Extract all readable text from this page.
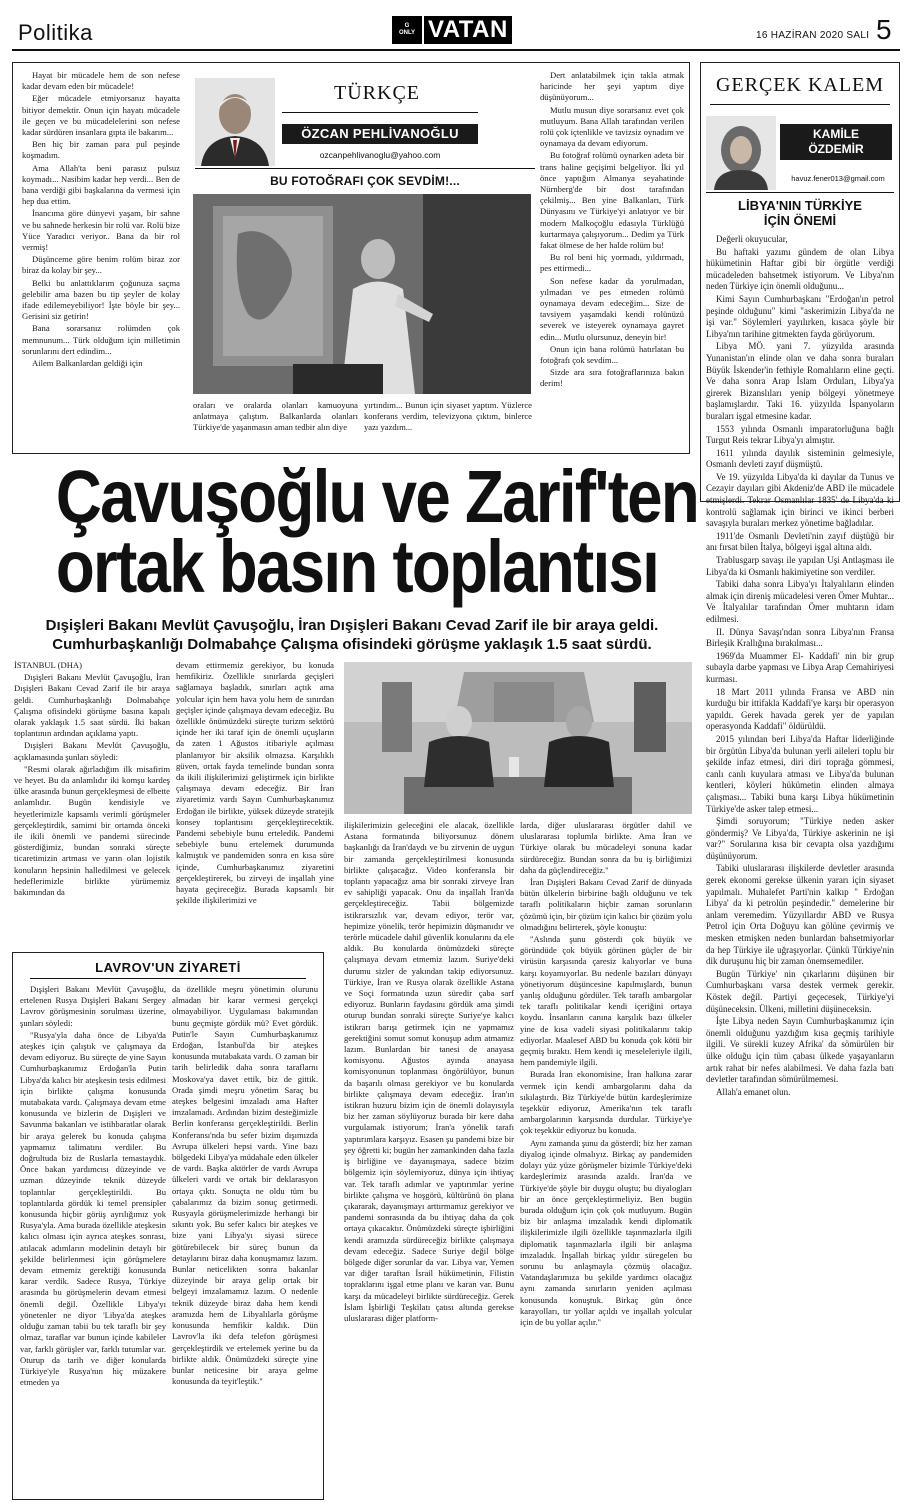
Politika	G
ONLY VATAN	16 HAZİRAN 2020 SALI 5

Hayat bir mücadele hem de son nefese kadar devam eden bir mücadele!

Eğer mücadele etmiyorsanız hayatta bitiyor demektir. Onun için hayatı mücadele ile geçen ve bu mücadelelerini son nefese kadar sürdüren insanlara gıpta ile bakarım...

Ben hiç bir zaman para pul peşinde koşmadım.

Ama Allah'ta beni parasız pulsuz koymadı... Nasibim kadar hep verdi... Ben de bana verdiği gibi başkalarına da vermesi için hep dua ettim.

İnancıma göre dünyevi yaşam, bir sahne ve bu sahnede herkesin bir rolü var. Rolü bize Yüce Yaradıcı veriyor.. Bana da bir rol vermiş!

Düşünceme göre benim rolüm biraz zor biraz da kolay bir şey...

Belki bu anlattıklarım çoğunuza saçma gelebilir ama bazen bu tip şeyler de kolay ifade edilemeyebiliyor! İşte böyle bir şey... Gerisini siz getirin!

Bana sorarsanız rolümden çok memnunum... Türk olduğum için milletimin sorunlarını dert edindim...

Ailem Balkanlardan geldiği için

TÜRKÇE
ÖZCAN PEHLİVANOĞLU
ozcanpehlivanoglu@yahoo.com
BU FOTOĞRAFI ÇOK SEVDİM!...

oraları ve oralarda olanları kamuoyuna anlatmaya çalıştım. Balkanlarda olanları Türkiye'de yaşanmasın aman tedbir alın diye

yırtındım... Bunun için siyaset yaptım. Yüzlerce konferans verdim, televizyona çıktım, binlerce yazı yazdım...

Dert anlatabilmek için takla atmak haricinde her şeyi yaptım diye düşünüyorum...

Mutlu musun diye sorarsanız evet çok mutluyum. Bana Allah tarafından verilen rolü çok içtenlikle ve tavizsiz oynadım ve oynamaya da devam ediyorum.

Bu fotoğraf rolümü oynarken adeta bir trans haline geçişimi belgeliyor. İki yıl önce yaptığım Almanya seyahatinde Nürnberg'de bir dost tarafından çekilmiş... Ben yine Balkanları, Türk Dünyasını ve Türkiye'yi anlatıyor ve bir modern Malkoçoğlu edasıyla Türklüğü kurtarmaya çalışıyorum... Dedim ya Türk fakat ölmese de her halde rolüm bu!

Bu rol beni hiç yormadı, yıldırmadı, pes ettirmedi...

Son nefese kadar da yorulmadan, yılmadan ve pes etmeden rolümü oynamaya devam edeceğim... Size de tavsiyem yaşamdaki kendi rolünüzü severek ve isteyerek oynamaya gayret edin... Mutlu olursunuz, deneyin bir!

Onun için bana rolümü hatırlatan bu fotoğrafı çok sevdim...

Sizde ara sıra fotoğraflarınıza bakın derim!

Çavuşoğlu ve Zarif'ten
ortak basın toplantısı
Dışişleri Bakanı Mevlüt Çavuşoğlu, İran Dışişleri Bakanı Cevad Zarif ile bir araya geldi.
Cumhurbaşkanlığı Dolmabahçe Çalışma ofisindeki görüşme yaklaşık 1.5 saat sürdü.

İSTANBUL (DHA)

Dışişleri Bakanı Mevlüt Çavuşoğlu, İran Dışişleri Bakanı Cevad Zarif ile bir araya geldi. Cumhurbaşkanlığı Dolmabahçe Çalışma ofisindeki görüşme basına kapalı olarak yaklaşık 1.5 saat sürdü. İki bakan toplantının ardından açıklama yaptı.

Dışişleri Bakanı Mevlüt Çavuşoğlu, açıklamasında şunları söyledi:

"Resmi olarak ağırladığım ilk misafirim ve heyet. Bu da anlamlıdır iki komşu kardeş ülke arasında bunun gerçekleşmesi de elbette anlamlıdır. Bugün kendisiyle ve heyetlerimizle kapsamlı verimli görüşmeler gerçekleştirdik, samimi bir ortamda önceki ile ikili önemli ve pandemi sürecinde gösterdiğimiz, bundan sonraki süreçte ticaretimizin artması ve yarın olan lojistik konuların hepsinin halledilmesi ve gelecek hedeflerimizle birlikte yürümemiz bakımından da

devam ettirmemiz gerekiyor, bu konuda hemfikiriz. Özellikle sınırlarda geçişleri sağlamaya başladık, sınırları açtık ama yolcular için hem hava yolu hem de sınırdan geçişler içinde çalışmaya devam edeceğiz. Bu özellikle önümüzdeki süreçte turizm sektörü içinde her iki taraf için de önemli uçuşların da zaten 1 Ağustos itibariyle açılması planlanıyor bir aksilik olmazsa. Karşılıklı güven, ortak fayda temelinde bundan sonra da ikili ilişkilerimizi geliştirmek için birlikte çalışmaya devam edeceğiz. Bir İran ziyaretimiz vardı Sayın Cumhurbaşkanımız Erdoğan ile birlikte, yüksek düzeyde stratejik konsey toplantısını gerçekleştirecektik. Pandemi sebebiyle bunu erteledik. Pandemi sebebiyle bunu ertelemek durumunda kalmıştık ve pandemiden sonra en kısa süre içinde, Cumhurbaşkanımız ziyaretini gerçekleştirerek, bu zirveyi de inşallah yine hayata geçireceğiz. Burada kapsamlı bir şekilde ilişkilerimizi ve

ilişkilerimizin geleceğini ele alacak, özellikle Astana formatında biliyorsunuz dönem başkanlığı da İran'daydı ve bu zirvenin de uygun bir zamanda gerçekleştirilmesi konusunda birlikte çalışacağız. Video konferansla bir toplantı yapacağız ama bir sonraki zirveye İran ev sahipliği yapacak. Onu da inşallah İran'da gerçekleştireceğiz. Tabii bölgemizde istikrarsızlık var, devam ediyor, terör var, hepimize yönelik, terör hepimizin düşmanıdır ve terörle mücadele dahil güvenlik konularını da ele aldık. Bu konularda önümüzdeki süreçte çalışmaya devam etmemiz lazım. Suriye'deki durumu sizler de yakından takip ediyorsunuz. Türkiye, İran ve Rusya olarak özellikle Astana ve Soçi formatında uzun süredir çaba sarf ediyoruz. Bunların faydasını gördük ama şimdi oturup bundan sonraki süreçte Suriye'ye kalıcı istikrarı barışı getirmek için ne yapmamız gerektiğini somut somut konuşup adım atmamız lazım. Bunlardan bir tanesi de anayasa komisyonu. Ağustos ayında anayasa komisyonunun toplanması öngörülüyor, bunun da başarılı olması gerekiyor ve bu konularda birlikte çalışmaya devam edeceğiz. İran'ın istikran huzuru bizim için de önemli dolayısıyla biz her zaman söylüyoruz burada bir kere daha vurgulamak istiyorum; İran'a yönelik tarafı yaptırımlara karşıyız. Esasen şu pandemi bize bir şey öğretti ki; bugün her zamankinden daha fazla iş birliğine ve dayanışmaya, sadece bizim bölgemiz için söylemiyoruz, dünya için ihtiyaç var. Tek taraflı adımlar ve yaptırımlar yerine birlikte çalışma ve hoşgörü, kültürünü ön plana çıkararak, dayanışmayı arttırmamız gerekiyor ve pandemi sonrasında da bu ihtiyaç daha da çok ortaya çıkacaktır. Önümüzdeki süreçte işbirliğini kendi aramızda sürdüreceğiz birlikte çalışmaya devam edeceğiz. Sadece Suriye değil bölge bölgede diğer sorunlar da var. Libya var, Yemen var diğer taraftan İsrail hükümetinin, Filistin topraklarını işgal etme planı ve karan var. Bunu karşı da mücadeleyi birlikte sürdüreceğiz. Gerek İslam İşbirliği Teşkilatı çatısı altında gerekse uluslararası diğer platform-

larda, diğer uluslararası örgütler dahil ve uluslararası toplumla birlikte. Ama İran ve Türkiye olarak bu mücadeleyi sonuna kadar sürdüreceğiz. Bundan sonra da bu iş birliğimizi daha da güçlendireceğiz."

İran Dışişleri Bakanı Cevad Zarif de dünyada bütün ülkelerin birbirine bağlı olduğunu ve tek taraflı politikaların hiçbir zaman sorunların çözümü için, bir çözüm için kalıcı bir çözüm yolu olmadığını belirterek, şöyle konuştu:

"Aslında şunu gösterdi çok büyük ve göründüde çok büyük görünen güçler de bir virüsün karşısında çaresiz kalıyorlar ve buna karşı koyamıyorlar. Bu nedenle bazıları dünyayı yönetiyorum düşüncesine kapılmışlardı, bunun yanlış olduğunu gördüler. Tek taraflı ambargolar tek taraflı politikalar kendi içeriğini ortaya koydu. İnsanların canına karşılık bazı ülkeler yine de kısa vadeli siyasi politikalarını takip ediyorlar. Maalesef ABD bu konuda çok kötü bir geçmiş bıraktı. Hem kendi iç meseleleriyle ilgili, hem pandemiyle ilgili.

Burada İran ekonomisine, İran halkına zarar vermek için kendi ambargolarını daha da sıkılaştırdı. Biz Türkiye'de bütün kardeşlerimize teşekkür ediyoruz, Amerika'nın tek taraflı ambargolarının karşısında durdular. Türkiye'ye çok teşekkür ediyoruz bu konuda.

Aynı zamanda şunu da gösterdi; biz her zaman diyalog içinde olmalıyız. Birkaç ay pandemiden dolayı yüz yüze görüşmeler bizimle Türkiye'deki kardeşlerimiz arasında azaldı. İran'da ve Türkiye'de şöyle bir duygu oluştu; bu diyalogları bir an önce gerçekleştirmeliyiz. Ben bugün burada olduğum için çok çok mutluyum. Bugün biz bir anlaşma imzaladık kendi diplomatik ilişkilerimizle ilgili özellikle taşınmazlarla ilgili diplomatik taşınmazlarla ilgili bir anlaşma imzaladık. İnşallah birkaç yıldır süregelen bu sorunu bu anlaşmayla çözmüş olacağız. Vatandaşlarımıza bu şekilde yardımcı olacağız aynı zamanda sınırların yeniden açılması konusunda konuştuk. Birkaç gün önce karayolları, tır yollar açıldı ve inşallah yolcular için de bu yollar açılır."

LAVROV'UN ZİYARETİ

Dışişleri Bakanı Mevlüt Çavuşoğlu, ertelenen Rusya Dışişleri Bakanı Sergey Lavrov görüşmesinin sorulması üzerine, şunları söyledi:

"Rusya'yla daha önce de Libya'da ateşkes için çalıştık ve çalışmaya da devam ediyoruz. Bu süreçte de yine Sayın Cumhurbaşkanımız Erdoğan'la Putin Libya'da kalıcı bir ateşkesin tesis edilmesi için birlikte çalışma konusunda mutabakata vardı. Çalışmaya devam etme konusunda ve bizlerin de Dışişleri ve Savunma bakanları ve istihbaratlar olarak bir araya gelerek bu konuda çalışma yapmamız talimatını verdiler. Bu doğrultuda biz de Ruslarla temastaydık. Önce bakan yardımcısı düzeyinde ve uzman düzeyinde teknik düzeyde toplantılar gerçekleştirildi. Bu toplantılarda gördük ki temel prensipler konusunda hiçbir görüş ayrılığımız yok Rusya'yla. Ama burada özellikle ateşkesin kalıcı olması için ayrıca ateşkes sonrası, atılacak adımların modelinin detaylı bir şekilde belirlenmesi için görüşmelere devam etmemiz gerektiği konusunda karar verdik. Sadece Rusya, Türkiye arasında bu görüşmelerin devam etmesi önemli değil. Özellikle Libya'yı yönetenler ne diyor 'Libya'da ateşkes olduğu zaman tabii bu tek taraflı bir şey olmaz, taraflar var bunun içinde kabileler var, farklı görüşler var, farklı tutumlar var. Oturup da tarih ve diğer konularda Türkiye'yle Rusya'nın hiç müzakere etmeden ya

da özellikle meşru yönetimin olurunu almadan bir karar vermesi gerçekçi olmayabiliyor. Uygulaması bakımından bunu geçmişte gördük mü? Evet gördük. Putin'le Sayın Cumhurbaşkanımız Erdoğan, İstanbul'da bir ateşkes konusunda mutabakata vardı. O zaman bir tarih belirledik daha sonra taraflarnı Moskova'ya davet ettik, biz de gittik. Orada şimdi meşru yönetim Saraç bu ateşkes belgesini imzaladı ama Hafter imzalamadı. Ardından bizim desteğimizle Berlin konferansı gerçekleştirildi. Berlin Konferansı'nda bu sefer bizim dışımızda Avrupa ülkeleri hepsi vardı. Yine bazı bölgedeki Libya'ya müdahale eden ülkeler de vardı. Başka aktörler de vardı Avrupa ülkeleri vardı ve ortak bir deklarasyon ortaya çıktı. Sonuçta ne oldu tüm bu çabalarımız da bizim sonuç getirmedi. Rusyayla görüşmelerimizde herhangi bir sıkıntı yok. Bu sefer kalıcı bir ateşkes ve bize yani Libya'yı siyasi sürece götürebilecek bir süreç bunun da detaylarını biraz daha konuşmamız lazım. Bunlar neticelikten sonra bakanlar düzeyinde bir araya gelip ortak bir belgeyi imzalamamız lazım. O nedenle teknik düzeyde biraz daha hem kendi aramızda hem de Libyalılarla görüşme konusunda hemfikir kaldık. Dün Lavrov'la iki defa telefon görüşmesi gerçekleştirdik ve ertelemek yerine bu da birlikte aldık. Önümüzdeki süreçte yine bunlar neticesine bir araya gelme konusunda da teyit'leştik."

GERÇEK KALEM
KAMİLE
ÖZDEMİR
havuz.fener013@gmail.com
LİBYA'NIN TÜRKİYE
İÇİN ÖNEMİ

Değerli okuyucular,

Bu haftaki yazımı gündem de olan Libya hükümetinin Haftar gibi bir örgütle verdiği mücadeleden bahsetmek istiyorum. Ve Libya'nın neden Türkiye için önemli olduğunu...

Kimi Sayın Cumhurbaşkanı "Erdoğan'ın petrol peşinde olduğunu" kimi "askerimizin Libya'da ne işi var." Söylemleri yayılırken, kısaca şöyle bir Libya'nın tarihine gitmekten fayda görüyorum.

Libya MÖ. yani 7. yüzyılda arasında Yunanistan'ın elinde olan ve daha sonra buraları Büyük İskender'in fethiyle Romalıların eline geçti. Ve daha sonra Arap İslam Orduları, Libya'ya girerek Bizanslıları yenip bölgeyi yönetmeye başlamışlardır. Taki 16. yüzyılda İspanyoların buraları işgal etmesine kadar.

1553 yılında Osmanlı imparatorluğuna bağlı Turgut Reis tekrar Libya'yı almıştır.

1611 yılında dayılık sisteminin gelmesiyle, Osmanlı devleti zayıf düşmüştü.

Ve 19. yüzyılda Libya'da ki dayılar da Tunus ve Cezayir dayıları gibi Akdeniz'de ABD ile mücadele etmişlerdi. Tekrar Osmanlılar 1835' de Libya'da ki kontrolü sağlamak için birinci ve ikinci berberi savaşıyla buraları merkez yönetime bağladılar.

1911'de Osmanlı Devleti'nin zayıf düştüğü bir anı fırsat bilen İtalya, bölgeyi işgal altına aldı.

Trablusgarp savaşı ile yapılan Uşi Antlaşması ile Libya'da ki Osmanlı hakimiyetine son verdiler.

Tabiki daha sonra Libya'yı İtalyalıların elinden almak için direniş mücadelesi veren Ömer Muhtar... Ve İtalyalılar tarafından Ömer muhtarın idam edilmesi.

II. Dünya Savaşı'ndan sonra Libya'nın Fransa Birleşik Krallığına bırakılması...

1969'da Muammer El- Kaddafi' nin bir grup subayla darbe yapması ve Libya Arap Cemahiriyesi kurması.

18 Mart 2011 yılında Fransa ve ABD nin kurduğu bir ittifakla Kaddafi'ye karşı bir operasyon yapıldı. Gerek havada gerek yer de yapılan operasyonda Kaddafi" öldürüldü.

2015 yılından beri Libya'da Haftar liderliğinde bir örgütün Libya'da bulunan yerli aileleri toplu bir şekilde infaz etmesi, diri diri toprağa gömmesi, canlı canlı kuyulara atması ve Libya'da bulunan kentleri, köyleri hükümetin elinden almaya çalışması... Tabiki buna karşı Libya hükümetinin Türkiye'de asker talep etmesi...

Şimdi soruyorum; "Türkiye neden asker göndermiş? Ve Libya'da, Türkiye askerinin ne işi var?" Sorularına kısa bir cevapta olsa yazdığımı düşünüyorum.

Tabiki uluslararası ilişkilerde devletler arasında gerek ekonomi gerekse ülkenin yararı için siyaset yapılmalı. Muhalefet Parti'nin kalkıp " Erdoğan Libya' da ki petrolün peşindedir." demelerine bir anlam veremedim. Yüzyıllardır ABD ve Rusya Petrol için Orta Doğuyu kan gölüne çevirmiş ve mesken etmişken neden bunlardan bahsetmiyorlar da hep Türkiye ile uğraşıyorlar. Çünkü Türkiye'nin dik duruşunu hiç bir zaman önemsemediler.

Bugün Türkiye' nin çıkarlarını düşünen bir Cumhurbaşkanı varsa destek vermek gerekir. Köstek değil. Partiyi geçecesek, Türkiye'yi düşüneceksin. Ülkeni, milletini düşüneceksin.

İşte Libya neden Sayın Cumhurbaşkanımız için önemli olduğunu yazdığım kısa geçmiş tarihiyle ilgili. Ve sürekli kuzey Afrika' da sömürülen bir ülke olduğu için tüm çabası ülkede yaşayanların artık rahat bir nefes alabilmesi. Ve daha fazla batı devletler tarafından sömürülmemesi.

Allah'a emanet olun.
